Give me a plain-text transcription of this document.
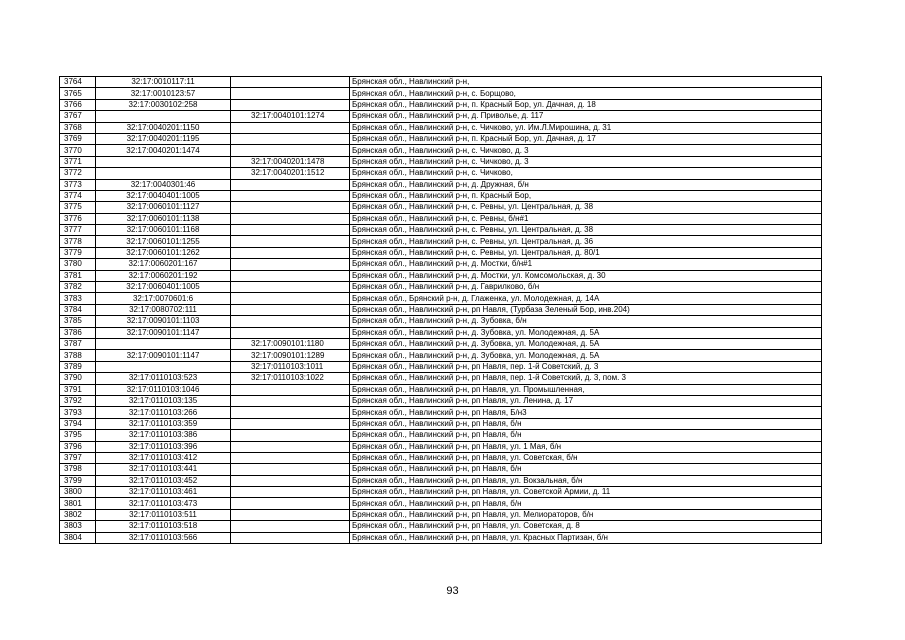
3764	32:17:0010117:11		Брянская обл., Навлинский р-н,
3765	32:17:0010123:57		Брянская обл., Навлинский р-н, с. Борщово,
3766	32:17:0030102:258		Брянская обл., Навлинский р-н, п. Красный Бор, ул. Дачная, д. 18
3767		32:17:0040101:1274	Брянская обл., Навлинский р-н, д. Привольe, д. 117
3768	32:17:0040201:1150		Брянская обл., Навлинский р-н, с. Чичково, ул. Им.Л.Мирошина, д. 31
3769	32:17:0040201:1195		Брянская обл., Навлинский р-н, п. Красный Бор, ул. Дачная, д. 17
3770	32:17:0040201:1474		Брянская обл., Навлинский р-н, с. Чичково, д. 3
3771		32:17:0040201:1478	Брянская обл., Навлинский р-н, с. Чичково, д. 3
3772		32:17:0040201:1512	Брянская обл., Навлинский р-н, с. Чичково,
3773	32:17:0040301:46		Брянская обл., Навлинский р-н, д. Дружная, б/н
3774	32:17:0040401:1005		Брянская обл., Навлинский р-н, п. Красный Бор,
3775	32:17:0060101:1127		Брянская обл., Навлинский р-н, с. Ревны, ул. Центральная, д. 38
3776	32:17:0060101:1138		Брянская обл., Навлинский р-н, с. Ревны, б/н#1
3777	32:17:0060101:1168		Брянская обл., Навлинский р-н, с. Ревны, ул. Центральная, д. 38
3778	32:17:0060101:1255		Брянская обл., Навлинский р-н, с. Ревны, ул. Центральная, д. 36
3779	32:17:0060101:1262		Брянская обл., Навлинский р-н, с. Ревны, ул. Центральная, д. 80/1
3780	32:17:0060201:167		Брянская обл., Навлинский р-н, д. Мостки, б/н#1
3781	32:17:0060201:192		Брянская обл., Навлинский р-н, д. Мостки, ул. Комсомольская, д. 30
3782	32:17:0060401:1005		Брянская обл., Навлинский р-н, д. Гаврилково, б/н
3783	32:17:0070601:6		Брянская обл., Брянский р-н, д. Глаженка, ул. Молодежная, д. 14А
3784	32:17:0080702:111		Брянская обл., Навлинский р-н, рп Навля, (Турбаза Зеленый Бор, инв.204)
3785	32:17:0090101:1103		Брянская обл., Навлинский р-н, д. Зубовка, б/н
3786	32:17:0090101:1147		Брянская обл., Навлинский р-н, д. Зубовка, ул. Молодежная, д. 5А
3787		32:17:0090101:1180	Брянская обл., Навлинский р-н, д. Зубовка, ул. Молодежная, д. 5А
3788	32:17:0090101:1147	32:17:0090101:1289	Брянская обл., Навлинский р-н, д. Зубовка, ул. Молодежная, д. 5А
3789		32:17:0110103:1011	Брянская обл., Навлинский р-н, рп Навля, пер. 1-й Советский, д. 3
3790	32:17:0110103:523	32:17:0110103:1022	Брянская обл., Навлинский р-н, рп Навля, пер. 1-й Советский, д. 3, пом. 3
3791	32:17:0110103:1046		Брянская обл., Навлинский р-н, рп Навля, ул. Промышленная,
3792	32:17:0110103:135		Брянская обл., Навлинский р-н, рп Навля, ул. Ленина, д. 17
3793	32:17:0110103:266		Брянская обл., Навлинский р-н, рп Навля, Б/н3
3794	32:17:0110103:359		Брянская обл., Навлинский р-н, рп Навля, б/н
3795	32:17:0110103:386		Брянская обл., Навлинский р-н, рп Навля, б/н
3796	32:17:0110103:396		Брянская обл., Навлинский р-н, рп Навля, ул. 1 Мая, б/н
3797	32:17:0110103:412		Брянская обл., Навлинский р-н, рп Навля, ул. Советская, б/н
3798	32:17:0110103:441		Брянская обл., Навлинский р-н, рп Навля, б/н
3799	32:17:0110103:452		Брянская обл., Навлинский р-н, рп Навля, ул. Вокзальная, б/н
3800	32:17:0110103:461		Брянская обл., Навлинский р-н, рп Навля, ул. Советской Армии, д. 11
3801	32:17:0110103:473		Брянская обл., Навлинский р-н, рп Навля, б/н
3802	32:17:0110103:511		Брянская обл., Навлинский р-н, рп Навля, ул. Мелиораторов, б/н
3803	32:17:0110103:518		Брянская обл., Навлинский р-н, рп Навля, ул. Советская, д. 8
3804	32:17:0110103:566		Брянская обл., Навлинский р-н, рп Навля, ул. Красных Партизан, б/н
93
